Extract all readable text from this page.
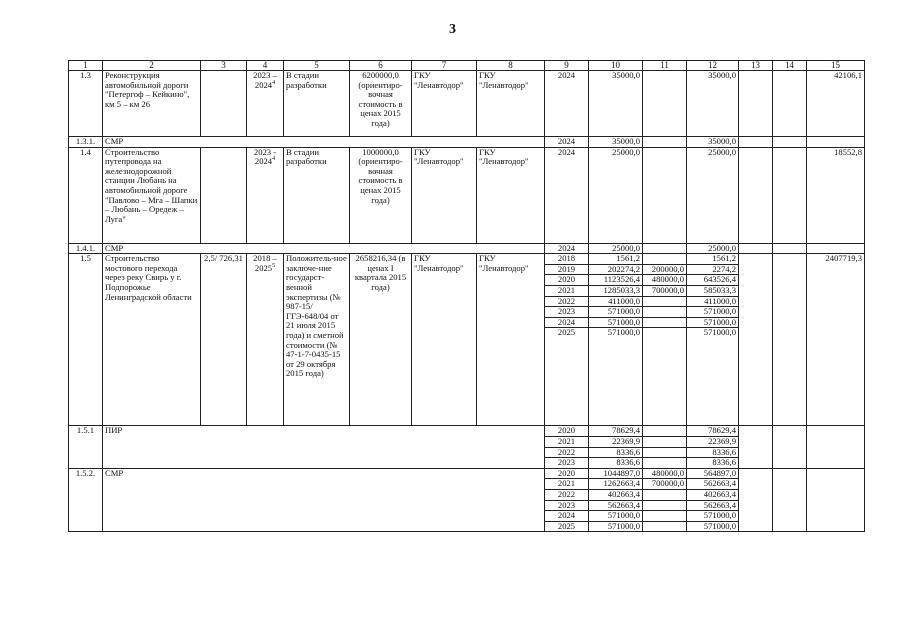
3
1	2	3	4	5	6	7	8	9	10	11	12	13	14	15
1.3	Реконструкция автомобильной дороги "Петергоф – Кейкино", км 5 – км 26		2023 – 2024$^4$	В стадии разработки	6200000,0 (ориентиро-вочная стоимость в ценах 2015 года)	ГКУ "Ленавтодор"	ГКУ "Ленавтодор"	2024	35000,0		35000,0			42106,1
1.3.1.	СМР							2024	35000,0		35000,0			
1.4	Строительство путепровода на железнодорожной станции Любань на автомобильной дороге "Павлово – Мга – Шапки – Любань – Оредеж – Луга"		2023 - 2024$^4$	В стадии разработки	1000000,0 (ориентиро-вочная стоимость в ценах 2015 года)	ГКУ "Ленавтодор"	ГКУ "Ленавтодор"	2024	25000,0		25000,0			18552,8
1.4.1.	СМР							2024	25000,0		25000,0			
1.5	Строительство мостового перехода через реку Свирь у г. Подпорожье Ленинградской области	2,5/ 726,31	2018 – 2025$^5$	Положитель-ное заключе-ние государст-венной экспертизы (№ 987-15/ГГЭ-648/04 от 21 июля 2015 года) и сметной стоимости (№ 47-1-7-0435-15 от 29 октября 2015 года)	2658216,34 (в ценах I квартала 2015 года)	ГКУ "Ленавтодор"	ГКУ "Ленавтодор"	2018	1561,2		1561,2			2407719,3
								2019	202274,2	200000,0	2274,2			
								2020	1123526,4	480000,0	643526,4			
								2021	1285033,3	700000,0	585033,3			
								2022	411000,0		411000,0			
								2023	571000,0		571000,0			
								2024	571000,0		571000,0			
								2025	571000,0		571000,0			
1.5.1	ПИР							2020	78629,4		78629,4			
								2021	22369,9		22369,9			
								2022	8336,6		8336,6			
								2023	8336,6		8336,6			
1.5.2.	СМР							2020	1044897,0	480000,0	564897,0			
								2021	1262663,4	700000,0	562663,4			
								2022	402663,4		402663,4			
								2023	562663,4		562663,4			
								2024	571000,0		571000,0			
								2025	571000,0		571000,0			
